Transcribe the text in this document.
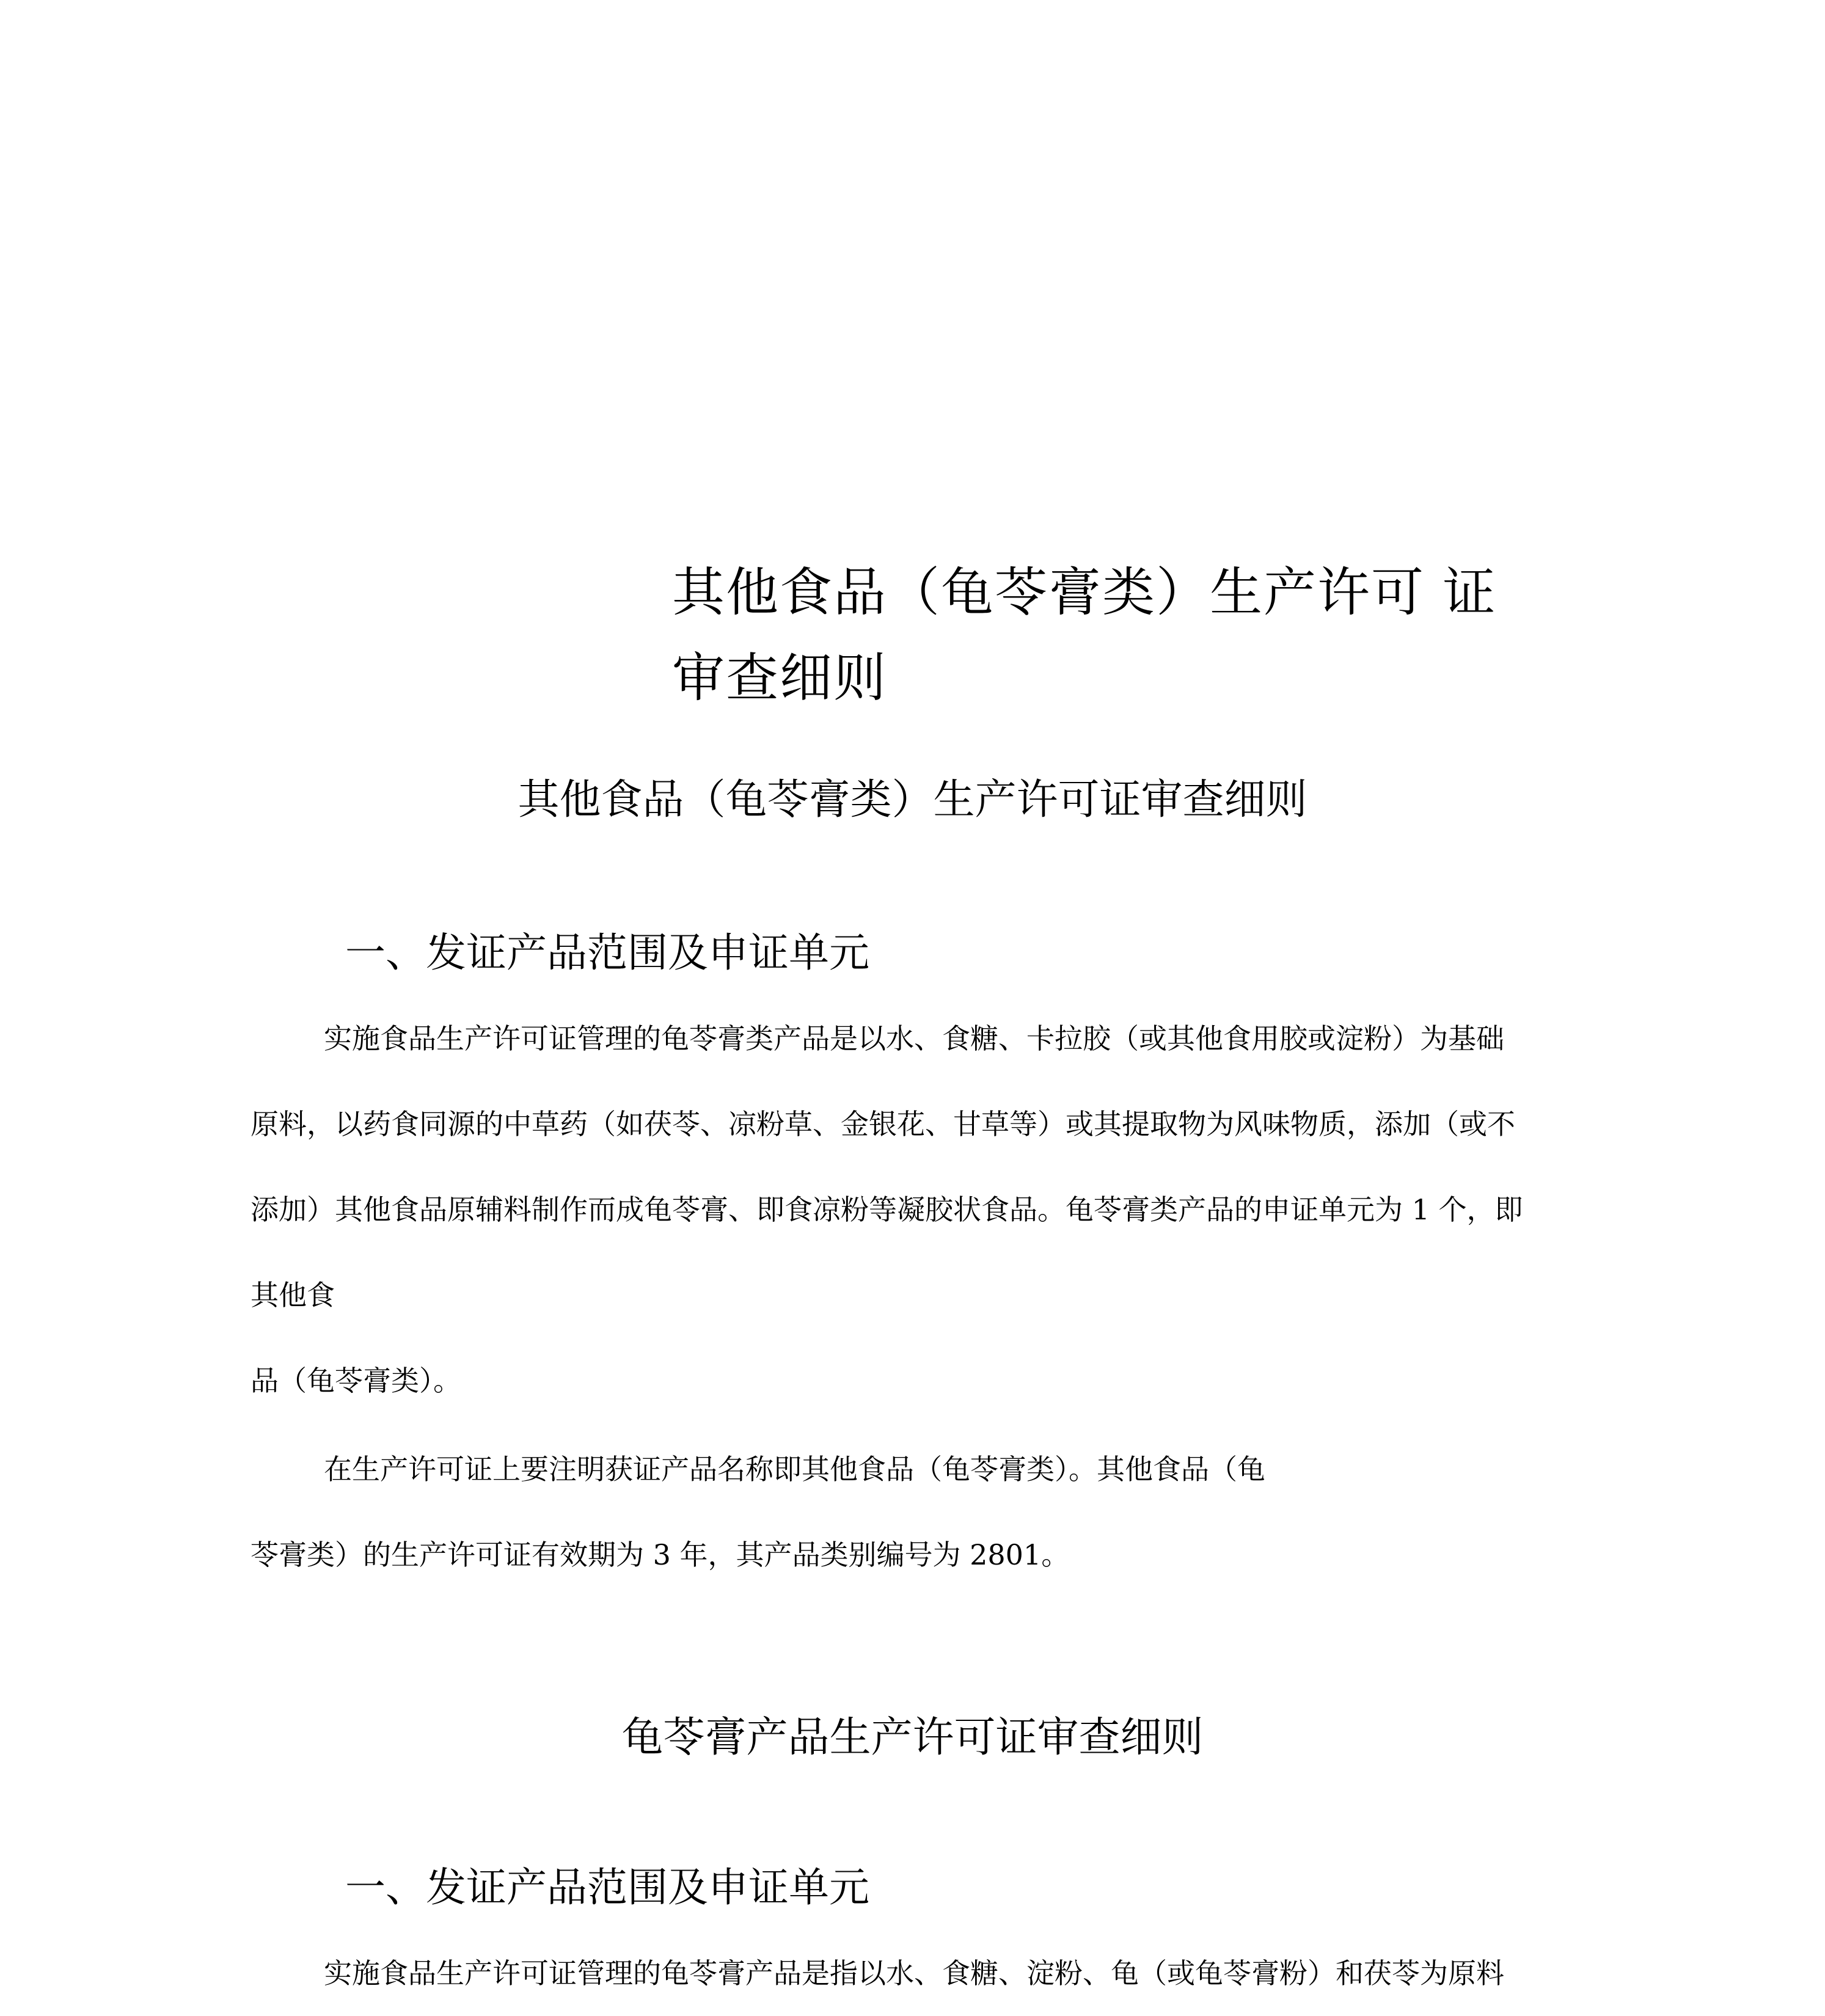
其他食品（龟苓膏类）生产许可 证
审查细则
其他食品（龟苓膏类）生产许可证审查细则
一、发证产品范围及申证单元

实施食品生产许可证管理的龟苓膏类产品是以水、食糖、卡拉胶（或其他食用胶或淀粉）为基础

原料，以药食同源的中草药（如茯苓、凉粉草、金银花、甘草等）或其提取物为风味物质，添加（或不

添加）其他食品原辅料制作而成龟苓膏、即食凉粉等凝胶状食品。龟苓膏类产品的申证单元为 1 个，即

其他食

品（龟苓膏类）。

在生产许可证上要注明获证产品名称即其他食品（龟苓膏类）。其他食品（龟

苓膏类）的生产许可证有效期为 3 年，其产品类别编号为 2801。

龟苓膏产品生产许可证审查细则
一、发证产品范围及申证单元

实施食品生产许可证管理的龟苓膏产品是指以水、食糖、淀粉、龟（或龟苓膏粉）和茯苓为原料
